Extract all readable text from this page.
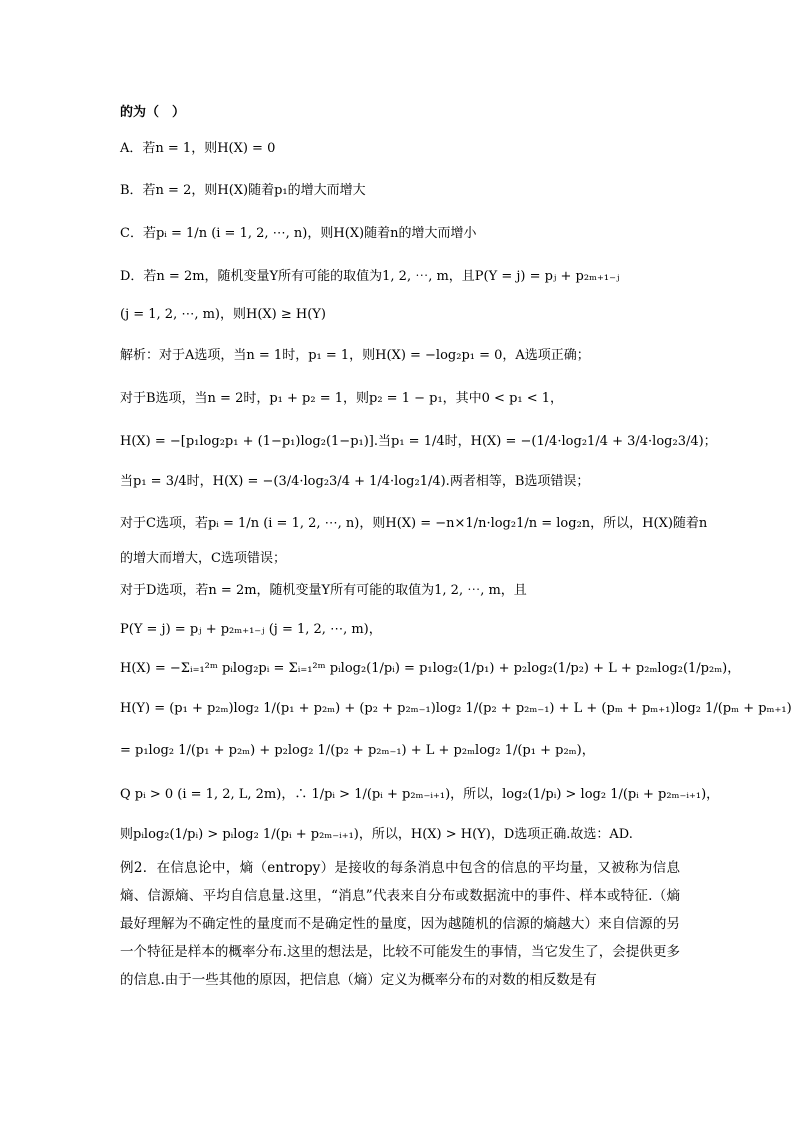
的为（　）
A．若n = 1，则H(X) = 0
B．若n = 2，则H(X)随着p₁的增大而增大
C．若pᵢ = 1/n (i = 1, 2, ⋯, n)，则H(X)随着n的增大而增小
D．若n = 2m，随机变量Y所有可能的取值为1, 2, ⋯, m，且P(Y = j) = pⱼ + p₂ₘ₊₁₋ⱼ
(j = 1, 2, ⋯, m)，则H(X) ≥ H(Y)
解析：对于A选项，当n = 1时，p₁ = 1，则H(X) = −log₂p₁ = 0，A选项正确；
对于B选项，当n = 2时，p₁ + p₂ = 1，则p₂ = 1 − p₁，其中0 < p₁ < 1，
H(X) = −[p₁log₂p₁ + (1−p₁)log₂(1−p₁)].当p₁ = 1/4时，H(X) = −(1/4·log₂1/4 + 3/4·log₂3/4)；
当p₁ = 3/4时，H(X) = −(3/4·log₂3/4 + 1/4·log₂1/4).两者相等，B选项错误；
对于C选项，若pᵢ = 1/n (i = 1, 2, ⋯, n)，则H(X) = −n×1/n·log₂1/n = log₂n，所以，H(X)随着n
的增大而增大，C选项错误；
对于D选项，若n = 2m，随机变量Y所有可能的取值为1, 2, ⋯, m，且
P(Y = j) = pⱼ + p₂ₘ₊₁₋ⱼ (j = 1, 2, ⋯, m)，
H(X) = −Σᵢ₌₁²ᵐ pᵢlog₂pᵢ = Σᵢ₌₁²ᵐ pᵢlog₂(1/pᵢ) = p₁log₂(1/p₁) + p₂log₂(1/p₂) + L + p₂ₘlog₂(1/p₂ₘ)，
H(Y) = (p₁ + p₂ₘ)log₂ 1/(p₁ + p₂ₘ) + (p₂ + p₂ₘ₋₁)log₂ 1/(p₂ + p₂ₘ₋₁) + L + (pₘ + pₘ₊₁)log₂ 1/(pₘ + pₘ₊₁)
= p₁log₂ 1/(p₁ + p₂ₘ) + p₂log₂ 1/(p₂ + p₂ₘ₋₁) + L + p₂ₘlog₂ 1/(p₁ + p₂ₘ)，
Q pᵢ > 0 (i = 1, 2, L, 2m)，∴ 1/pᵢ > 1/(pᵢ + p₂ₘ₋ᵢ₊₁)，所以，log₂(1/pᵢ) > log₂ 1/(pᵢ + p₂ₘ₋ᵢ₊₁)，
则pᵢlog₂(1/pᵢ) > pᵢlog₂ 1/(pᵢ + p₂ₘ₋ᵢ₊₁)，所以，H(X) > H(Y)，D选项正确.故选：AD.
例2．在信息论中，熵（entropy）是接收的每条消息中包含的信息的平均量，又被称为信息熵、信源熵、平均自信息量.这里，“消息”代表来自分布或数据流中的事件、样本或特征.（熵最好理解为不确定性的量度而不是确定性的量度，因为越随机的信源的熵越大）来自信源的另一个特征是样本的概率分布.这里的想法是，比较不可能发生的事情，当它发生了，会提供更多的信息.由于一些其他的原因，把信息（熵）定义为概率分布的对数的相反数是有
